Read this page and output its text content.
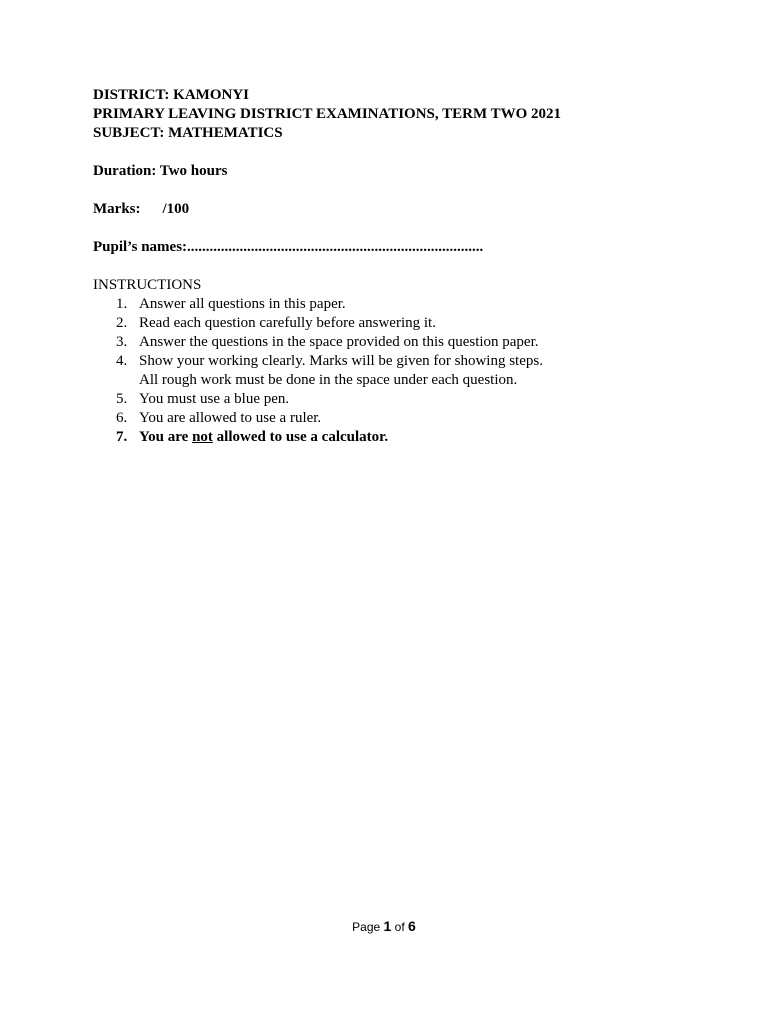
DISTRICT: KAMONYI
PRIMARY LEAVING DISTRICT EXAMINATIONS, TERM TWO 2021
SUBJECT: MATHEMATICS
Duration: Two hours
Marks: /100
Pupil’s names:...............................................................................
INSTRUCTIONS
1. Answer all questions in this paper.
2. Read each question carefully before answering it.
3. Answer the questions in the space provided on this question paper.
4. Show your working clearly. Marks will be given for showing steps.
All rough work must be done in the space under each question.
5. You must use a blue pen.
6. You are allowed to use a ruler.
7. You are not allowed to use a calculator.
Page 1 of 6
